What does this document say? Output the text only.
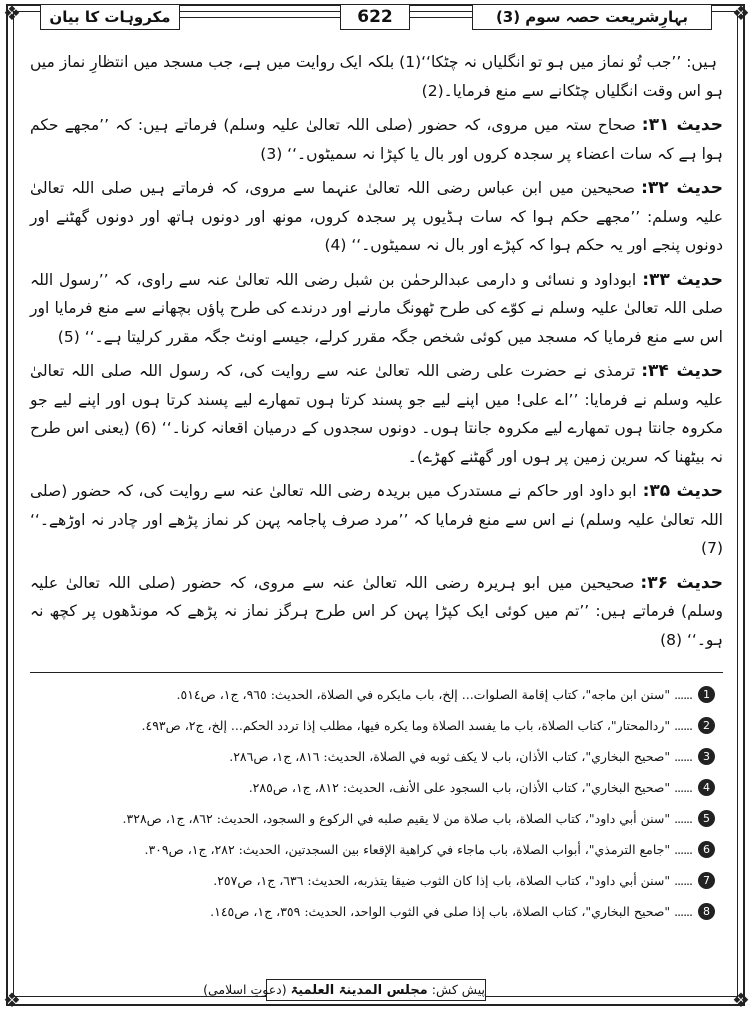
❖	❖
❖	❖
بہارِشریعت حصہ سوم (3)
622
مکروہات کا بیان

ہیں: ’’جب تُو نماز میں ہو تو انگلیاں نہ چٹکا‘‘(1) بلکہ ایک روایت میں ہے، جب مسجد میں انتظارِ نماز میں ہو اس وقت انگلیاں چٹکانے سے منع فرمایا۔(2)

حدیث ۳۱:صحاح ستہ میں مروی، کہ حضور (صلی اللہ تعالیٰ علیہ وسلم) فرماتے ہیں: کہ ’’مجھے حکم ہوا ہے کہ سات اعضاء پر سجدہ کروں اور بال یا کپڑا نہ سمیٹوں۔‘‘ (3)

حدیث ۳۲:صحیحین میں ابن عباس رضی اللہ تعالیٰ عنہما سے مروی، کہ فرماتے ہیں صلی اللہ تعالیٰ علیہ وسلم: ’’مجھے حکم ہوا کہ سات ہڈیوں پر سجدہ کروں، مونھ اور دونوں ہاتھ اور دونوں گھٹنے اور دونوں پنجے اور یہ حکم ہوا کہ کپڑے اور بال نہ سمیٹوں۔‘‘ (4)

حدیث ۳۳:ابوداود و نسائی و دارمی عبدالرحمٰن بن شبل رضی اللہ تعالیٰ عنہ سے راوی، کہ ’’رسول اللہ صلی اللہ تعالیٰ علیہ وسلم نے کوّے کی طرح ٹھونگ مارنے اور درندے کی طرح پاؤں بچھانے سے منع فرمایا اور اس سے منع فرمایا کہ مسجد میں کوئی شخص جگہ مقرر کرلے، جیسے اونٹ جگہ مقرر کرلیتا ہے۔‘‘ (5)

حدیث ۳۴:ترمذی نے حضرت علی رضی اللہ تعالیٰ عنہ سے روایت کی، کہ رسول اللہ صلی اللہ تعالیٰ علیہ وسلم نے فرمایا: ’’اے علی! میں اپنے لیے جو پسند کرتا ہوں تمھارے لیے پسند کرتا ہوں اور اپنے لیے جو مکروہ جانتا ہوں تمھارے لیے مکروہ جانتا ہوں۔ دونوں سجدوں کے درمیان اقعانہ کرنا۔‘‘ (6) (یعنی اس طرح نہ بیٹھنا کہ سرین زمین پر ہوں اور گھٹنے کھڑے)۔

حدیث ۳۵:ابو داود اور حاکم نے مستدرک میں بریدہ رضی اللہ تعالیٰ عنہ سے روایت کی، کہ حضور (صلی اللہ تعالیٰ علیہ وسلم) نے اس سے منع فرمایا کہ ’’مرد صرف پاجامہ پہن کر نماز پڑھے اور چادر نہ اوڑھے۔‘‘ (7)

حدیث ۳۶:صحیحین میں ابو ہریرہ رضی اللہ تعالیٰ عنہ سے مروی، کہ حضور (صلی اللہ تعالیٰ علیہ وسلم) فرماتے ہیں: ’’تم میں کوئی ایک کپڑا پہن کر اس طرح ہرگز نماز نہ پڑھے کہ مونڈھوں پر کچھ نہ ہو۔‘‘ (8)

1
......
"سنن ابن ماجه"، كتاب إقامة الصلوات... إلخ، باب مايكره في الصلاة، الحديث: ٩٦٥، ج١، ص٥١٤.
2
......
"ردالمحتار"، كتاب الصلاة، باب ما يفسد الصلاة وما يكره فيها، مطلب إذا تردد الحكم... إلخ، ج٢، ص٤٩٣.
3
......
"صحيح البخاري"، كتاب الأذان، باب لا يكف ثوبه في الصلاة، الحديث: ٨١٦، ج١، ص٢٨٦.
4
......
"صحيح البخاري"، كتاب الأذان، باب السجود على الأنف، الحديث: ٨١٢، ج١، ص٢٨٥.
5
......
"سنن أبي داود"، كتاب الصلاة، باب صلاة من لا يقيم صلبه في الركوع و السجود، الحديث: ٨٦٢، ج١، ص٣٢٨.
6
......
"جامع الترمذي"، أبواب الصلاة، باب ماجاء في كراهية الإقعاء بين السجدتين، الحديث: ٢٨٢، ج١، ص٣٠٩.
7
......
"سنن أبي داود"، كتاب الصلاة، باب إذا كان الثوب ضيقا يتذربه، الحديث: ٦٣٦، ج١، ص٢٥٧.
8
......
"صحيح البخاري"، كتاب الصلاة، باب إذا صلى في الثوب الواحد، الحديث: ٣٥٩، ج١، ص١٤٥.
پیش کش: مجلس المدینۃ العلمیۃ (دعوتِ اسلامی)
